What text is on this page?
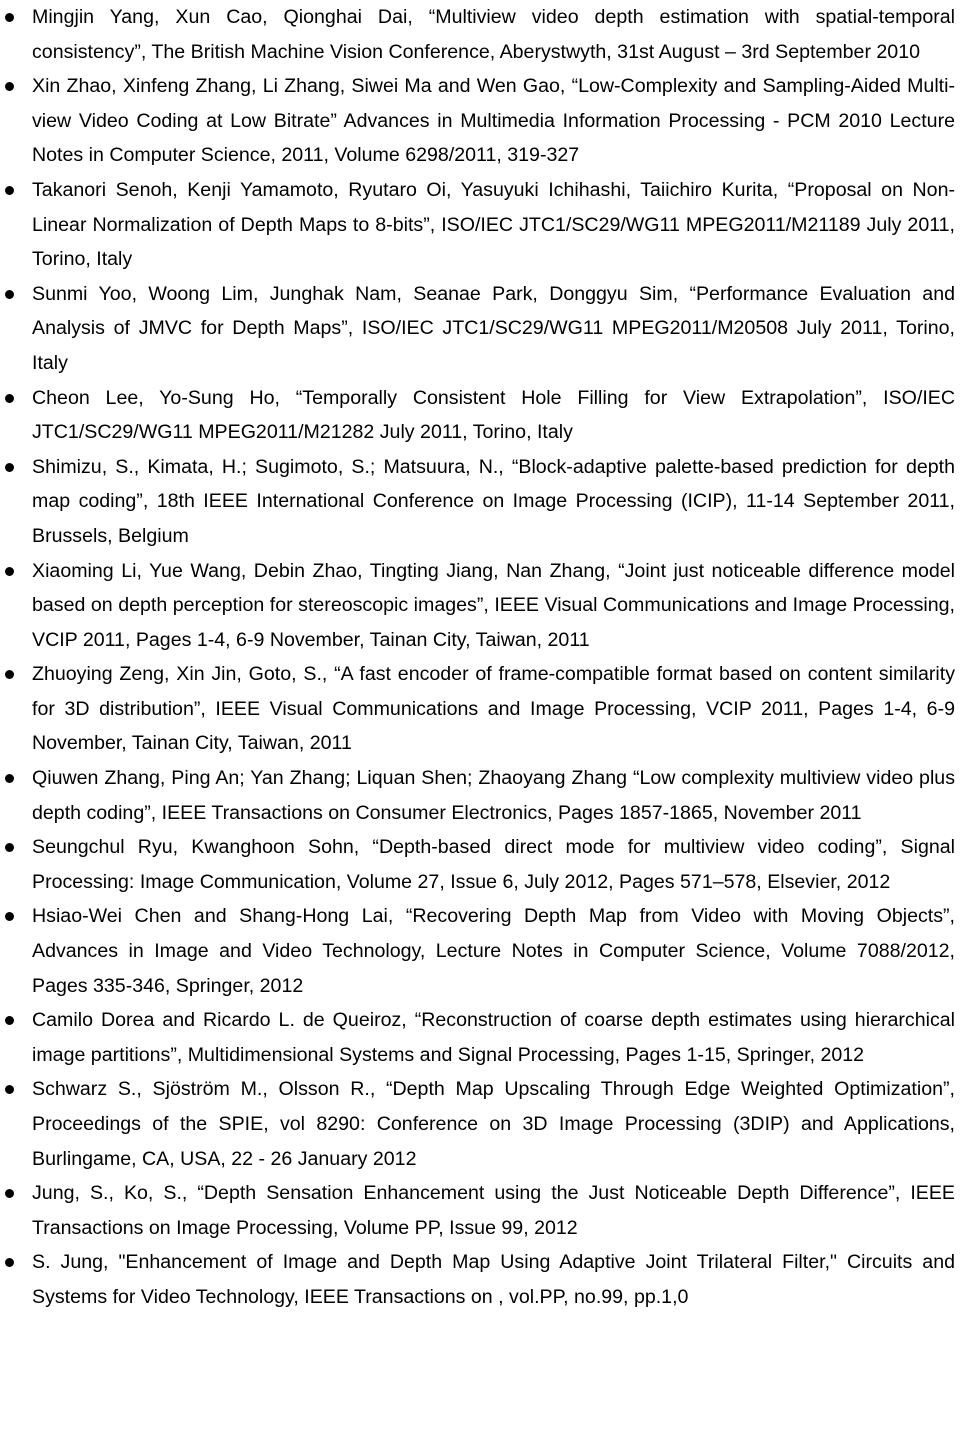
Mingjin Yang, Xun Cao, Qionghai Dai, “Multiview video depth estimation with spatial-temporal consistency”, The British Machine Vision Conference, Aberystwyth, 31st August – 3rd September 2010
Xin Zhao, Xinfeng Zhang, Li Zhang, Siwei Ma and Wen Gao, “Low-Complexity and Sampling-Aided Multi-view Video Coding at Low Bitrate” Advances in Multimedia Information Processing - PCM 2010 Lecture Notes in Computer Science, 2011, Volume 6298/2011, 319-327
Takanori Senoh, Kenji Yamamoto, Ryutaro Oi, Yasuyuki Ichihashi, Taiichiro Kurita, “Proposal on Non-Linear Normalization of Depth Maps to 8-bits”, ISO/IEC JTC1/SC29/WG11 MPEG2011/M21189 July 2011, Torino, Italy
Sunmi Yoo, Woong Lim, Junghak Nam, Seanae Park, Donggyu Sim, “Performance Evaluation and Analysis of JMVC for Depth Maps”, ISO/IEC JTC1/SC29/WG11 MPEG2011/M20508 July 2011, Torino, Italy
Cheon Lee, Yo-Sung Ho, “Temporally Consistent Hole Filling for View Extrapolation”, ISO/IEC JTC1/SC29/WG11 MPEG2011/M21282 July 2011, Torino, Italy
Shimizu, S., Kimata, H.; Sugimoto, S.; Matsuura, N., “Block-adaptive palette-based prediction for depth map coding”, 18th IEEE International Conference on Image Processing (ICIP), 11-14 September 2011, Brussels, Belgium
Xiaoming Li, Yue Wang, Debin Zhao, Tingting Jiang, Nan Zhang, “Joint just noticeable difference model based on depth perception for stereoscopic images”, IEEE Visual Communications and Image Processing, VCIP 2011, Pages 1-4, 6-9 November, Tainan City, Taiwan, 2011
Zhuoying Zeng, Xin Jin, Goto, S., “A fast encoder of frame-compatible format based on content similarity for 3D distribution”, IEEE Visual Communications and Image Processing, VCIP 2011, Pages 1-4, 6-9 November, Tainan City, Taiwan, 2011
Qiuwen Zhang, Ping An; Yan Zhang; Liquan Shen; Zhaoyang Zhang “Low complexity multiview video plus depth coding”, IEEE Transactions on Consumer Electronics, Pages 1857-1865, November 2011
Seungchul Ryu, Kwanghoon Sohn, “Depth-based direct mode for multiview video coding”, Signal Processing: Image Communication, Volume 27, Issue 6, July 2012, Pages 571–578, Elsevier, 2012
Hsiao-Wei Chen and Shang-Hong Lai, “Recovering Depth Map from Video with Moving Objects”, Advances in Image and Video Technology, Lecture Notes in Computer Science, Volume 7088/2012, Pages 335-346, Springer, 2012
Camilo Dorea and Ricardo L. de Queiroz, “Reconstruction of coarse depth estimates using hierarchical image partitions”, Multidimensional Systems and Signal Processing, Pages 1-15, Springer, 2012
Schwarz S., Sjöström M., Olsson R., “Depth Map Upscaling Through Edge Weighted Optimization”, Proceedings of the SPIE, vol 8290: Conference on 3D Image Processing (3DIP) and Applications, Burlingame, CA, USA, 22 - 26 January 2012
Jung, S., Ko, S., “Depth Sensation Enhancement using the Just Noticeable Depth Difference”, IEEE Transactions on Image Processing, Volume PP, Issue 99, 2012
S. Jung, "Enhancement of Image and Depth Map Using Adaptive Joint Trilateral Filter," Circuits and Systems for Video Technology, IEEE Transactions on , vol.PP, no.99, pp.1,0
